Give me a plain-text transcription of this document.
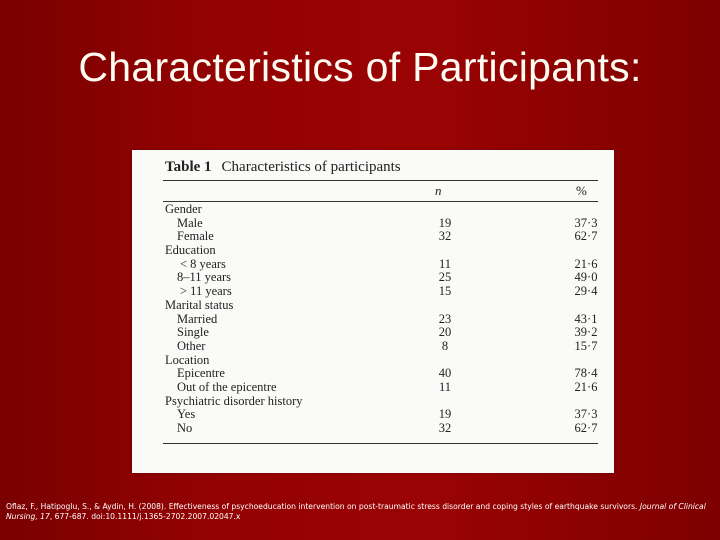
Characteristics of Participants:
Table 1 Characteristics of participants
n	%
Gender
Male	19	37·3
Female	32	62·7
Education
< 8 years	11	21·6
8–11 years	25	49·0
> 11 years	15	29·4
Marital status
Married	23	43·1
Single	20	39·2
Other	8	15·7
Location
Epicentre	40	78·4
Out of the epicentre	11	21·6
Psychiatric disorder history
Yes	19	37·3
No	32	62·7
Oflaz, F., Hatipoglu, S., & Aydin, H. (2008). Effectiveness of psychoeducation intervention on post-traumatic stress disorder and coping styles of earthquake survivors. Journal of Clinical Nursing, 17, 677-687. doi:10.1111/j.1365-2702.2007.02047.x
